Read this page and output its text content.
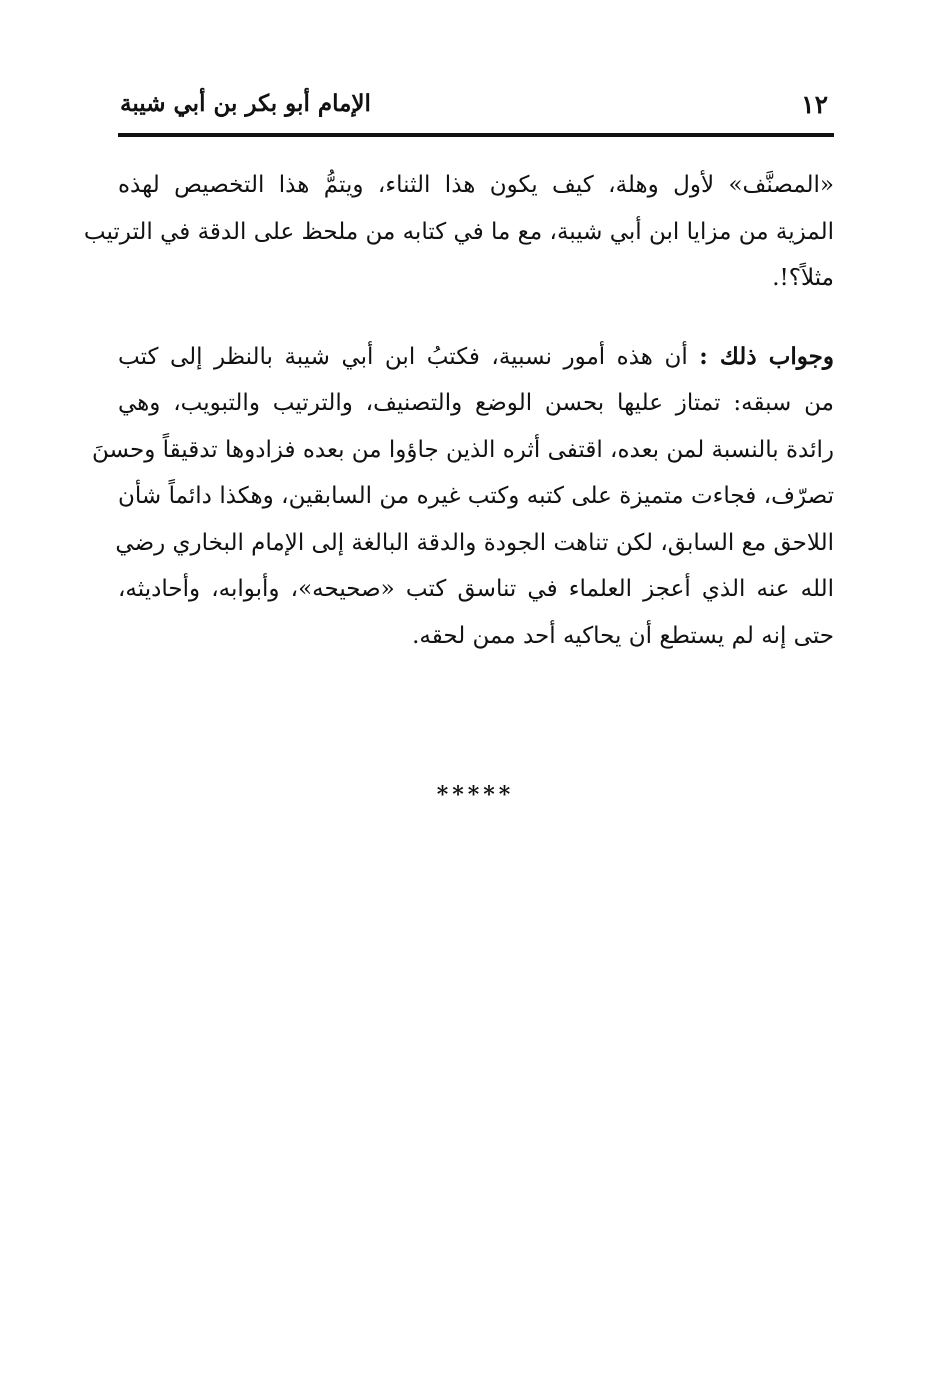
١٢
الإمام أبو بكر بن أبي شيبة

«المصنَّف» لأول وهلة، كيف يكون هذا الثناء، ويتمُّ هذا التخصيص لهذه
المزية من مزايا ابن أبي شيبة، مع ما في كتابه من ملحظ على الدقة في الترتيب
مثلاً؟!.

وجواب ذلك : أن هذه أمور نسبية، فكتبُ ابن أبي شيبة بالنظر إلى كتب
من سبقه: تمتاز عليها بحسن الوضع والتصنيف، والترتيب والتبويب، وهي
رائدة بالنسبة لمن بعده، اقتفى أثره الذين جاؤوا من بعده فزادوها تدقيقاً وحسنَ
تصرّف، فجاءت متميزة على كتبه وكتب غيره من السابقين، وهكذا دائماً شأن
اللاحق مع السابق، لكن تناهت الجودة والدقة البالغة إلى الإمام البخاري رضي
الله عنه الذي أعجز العلماء في تناسق كتب «صحيحه»، وأبوابه، وأحاديثه،
حتى إنه لم يستطع أن يحاكيه أحد ممن لحقه.

*****
